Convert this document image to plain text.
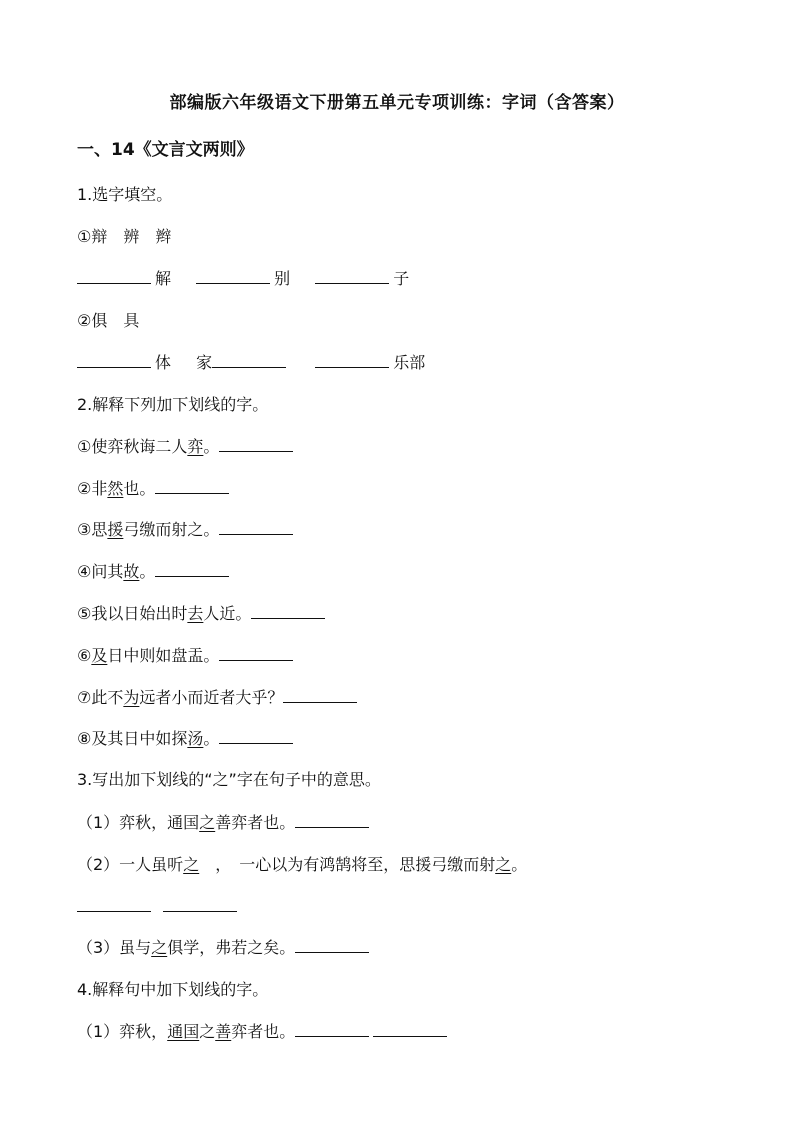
部编版六年级语文下册第五单元专项训练：字词（含答案）
一、14《文言文两则》
1.选字填空。
①辩　辨　辫
解	别	子
②俱　具
体 家	乐部
2.解释下列加下划线的字。
①使弈秋诲二人弈。
②非然也。
③思援弓缴而射之。
④问其故。
⑤我以日始出时去人近。
⑥及日中则如盘盂。
⑦此不为远者小而近者大乎？
⑧及其日中如探汤。
3.写出加下划线的“之”字在句子中的意思。
（1）弈秋，通国之善弈者也。
（2）一人虽听之　，　一心以为有鸿鹄将至，思援弓缴而射之。
（3）虽与之俱学，弗若之矣。
4.解释句中加下划线的字。
（1）弈秋，通国之善弈者也。
